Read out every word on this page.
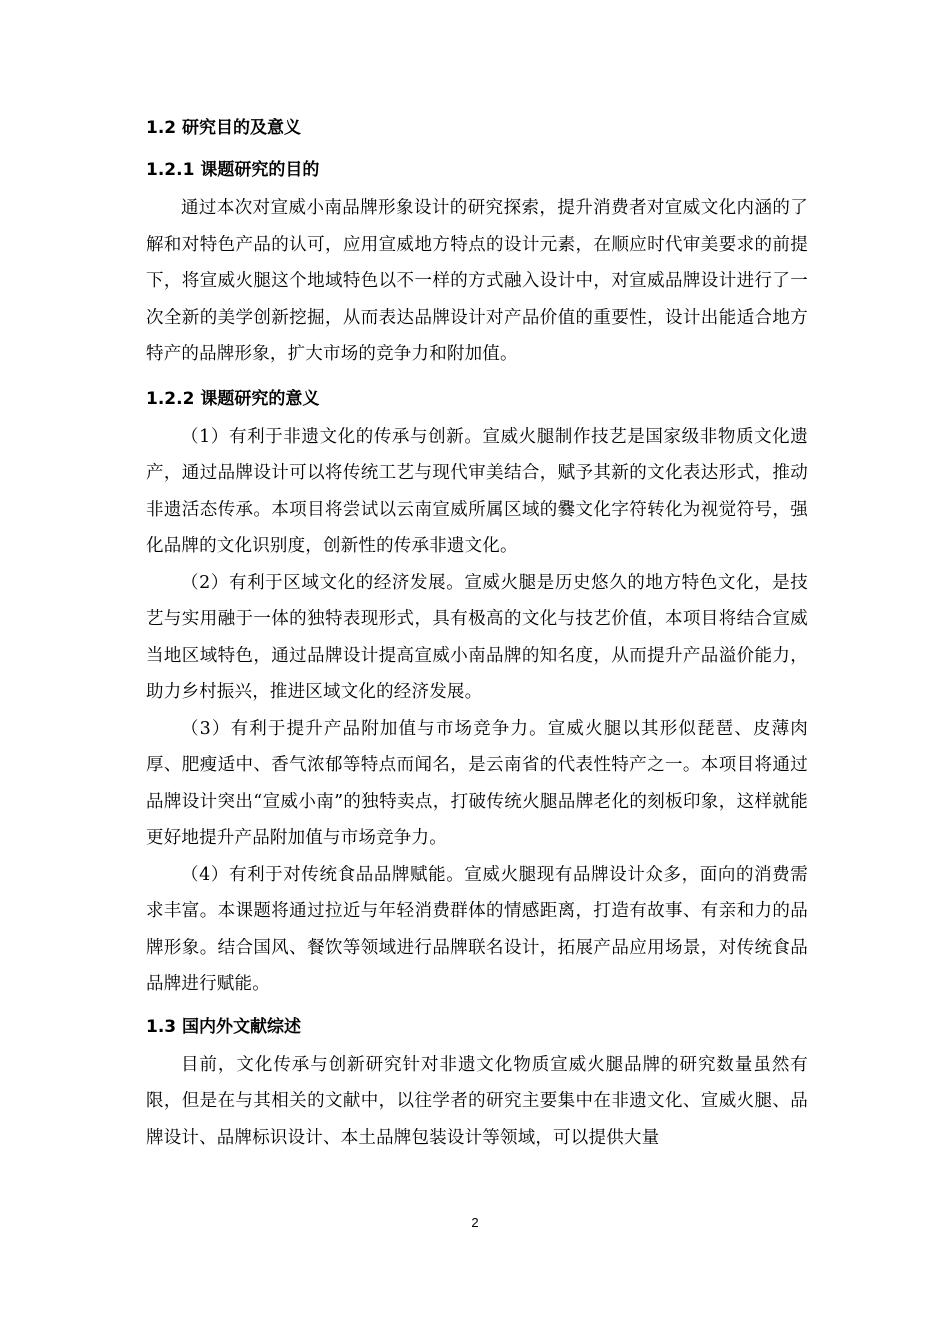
1.2 研究目的及意义
1.2.1 课题研究的目的

通过本次对宣威小南品牌形象设计的研究探索，提升消费者对宣威文化内涵的了解和对特色产品的认可，应用宣威地方特点的设计元素，在顺应时代审美要求的前提下，将宣威火腿这个地域特色以不一样的方式融入设计中，对宣威品牌设计进行了一次全新的美学创新挖掘，从而表达品牌设计对产品价值的重要性，设计出能适合地方特产的品牌形象，扩大市场的竞争力和附加值。

1.2.2 课题研究的意义

（1）有利于非遗文化的传承与创新。宣威火腿制作技艺是国家级非物质文化遗产，通过品牌设计可以将传统工艺与现代审美结合，赋予其新的文化表达形式，推动非遗活态传承。本项目将尝试以云南宣威所属区域的爨文化字符转化为视觉符号，强化品牌的文化识别度，创新性的传承非遗文化。

（2）有利于区域文化的经济发展。宣威火腿是历史悠久的地方特色文化，是技艺与实用融于一体的独特表现形式，具有极高的文化与技艺价值，本项目将结合宣威当地区域特色，通过品牌设计提高宣威小南品牌的知名度，从而提升产品溢价能力，助力乡村振兴，推进区域文化的经济发展。

（3）有利于提升产品附加值与市场竞争力。宣威火腿以其形似琵琶、皮薄肉厚、肥瘦适中、香气浓郁等特点而闻名，是云南省的代表性特产之一。本项目将通过品牌设计突出“宣威小南”的独特卖点，打破传统火腿品牌老化的刻板印象，这样就能更好地提升产品附加值与市场竞争力。

（4）有利于对传统食品品牌赋能。宣威火腿现有品牌设计众多，面向的消费需求丰富。本课题将通过拉近与年轻消费群体的情感距离，打造有故事、有亲和力的品牌形象。结合国风、餐饮等领域进行品牌联名设计，拓展产品应用场景，对传统食品品牌进行赋能。

1.3 国内外文献综述

目前，文化传承与创新研究针对非遗文化物质宣威火腿品牌的研究数量虽然有限，但是在与其相关的文献中，以往学者的研究主要集中在非遗文化、宣威火腿、品牌设计、品牌标识设计、本土品牌包装设计等领域，可以提供大量

2
